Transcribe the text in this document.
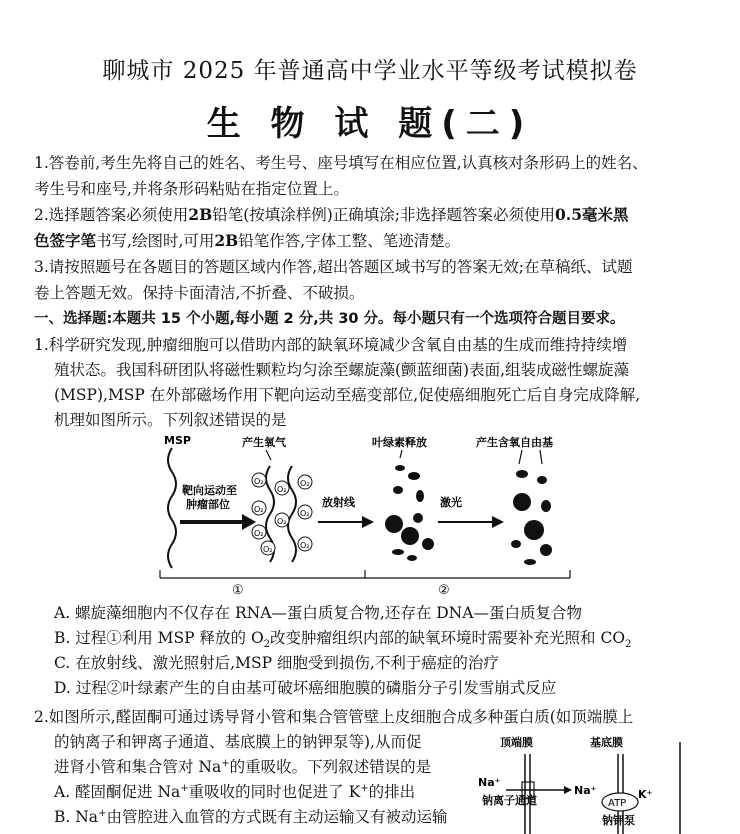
聊城市 2025 年普通高中学业水平等级考试模拟卷
生 物 试 题(二)
1.答卷前,考生先将自己的姓名、考生号、座号填写在相应位置,认真核对条形码上的姓名、
考生号和座号,并将条形码粘贴在指定位置上。
2.选择题答案必须使用2B铅笔(按填涂样例)正确填涂;非选择题答案必须使用0.5毫米黑
色签字笔书写,绘图时,可用2B铅笔作答,字体工整、笔迹清楚。
3.请按照题号在各题目的答题区域内作答,超出答题区域书写的答案无效;在草稿纸、试题
卷上答题无效。保持卡面清洁,不折叠、不破损。
一、选择题:本题共 15 个小题,每小题 2 分,共 30 分。每小题只有一个选项符合题目要求。
1.科学研究发现,肿瘤细胞可以借助内部的缺氧环境减少含氧自由基的生成而维持持续增
殖状态。我国科研团队将磁性颗粒均匀涂至螺旋藻(颤蓝细菌)表面,组装成磁性螺旋藻
(MSP),MSP 在外部磁场作用下靶向运动至癌变部位,促使癌细胞死亡后自身完成降解,
机理如图所示。下列叙述错误的是
MSP	产生氧气
靶向运动至
肿瘤部位
O₂
O₂
O₂
O₂
O₂
O₂
O₂
O₂	O₂
放射线
叶绿素释放
激光
产生含氧自由基
①	②
A. 螺旋藻细胞内不仅存在 RNA—蛋白质复合物,还存在 DNA—蛋白质复合物
B. 过程①利用 MSP 释放的 $O_2$改变肿瘤组织内部的缺氧环境时需要补充光照和 $CO_2$
C. 在放射线、激光照射后,MSP 细胞受到损伤,不利于癌症的治疗
D. 过程②叶绿素产生的自由基可破坏癌细胞膜的磷脂分子引发雪崩式反应
2.如图所示,醛固酮可通过诱导肾小管和集合管管壁上皮细胞合成多种蛋白质(如顶端膜上
的钠离子和钾离子通道、基底膜上的钠钾泵等),从而促
进肾小管和集合管对 Na+的重吸收。下列叙述错误的是
A. 醛固酮促进 Na+重吸收的同时也促进了 K+的排出
B. Na+由管腔进入血管的方式既有主动运输又有被动运输
顶端膜	基底膜
Na⁺
钠离子通道
Na⁺
ATP
K⁺
钠钾泵
